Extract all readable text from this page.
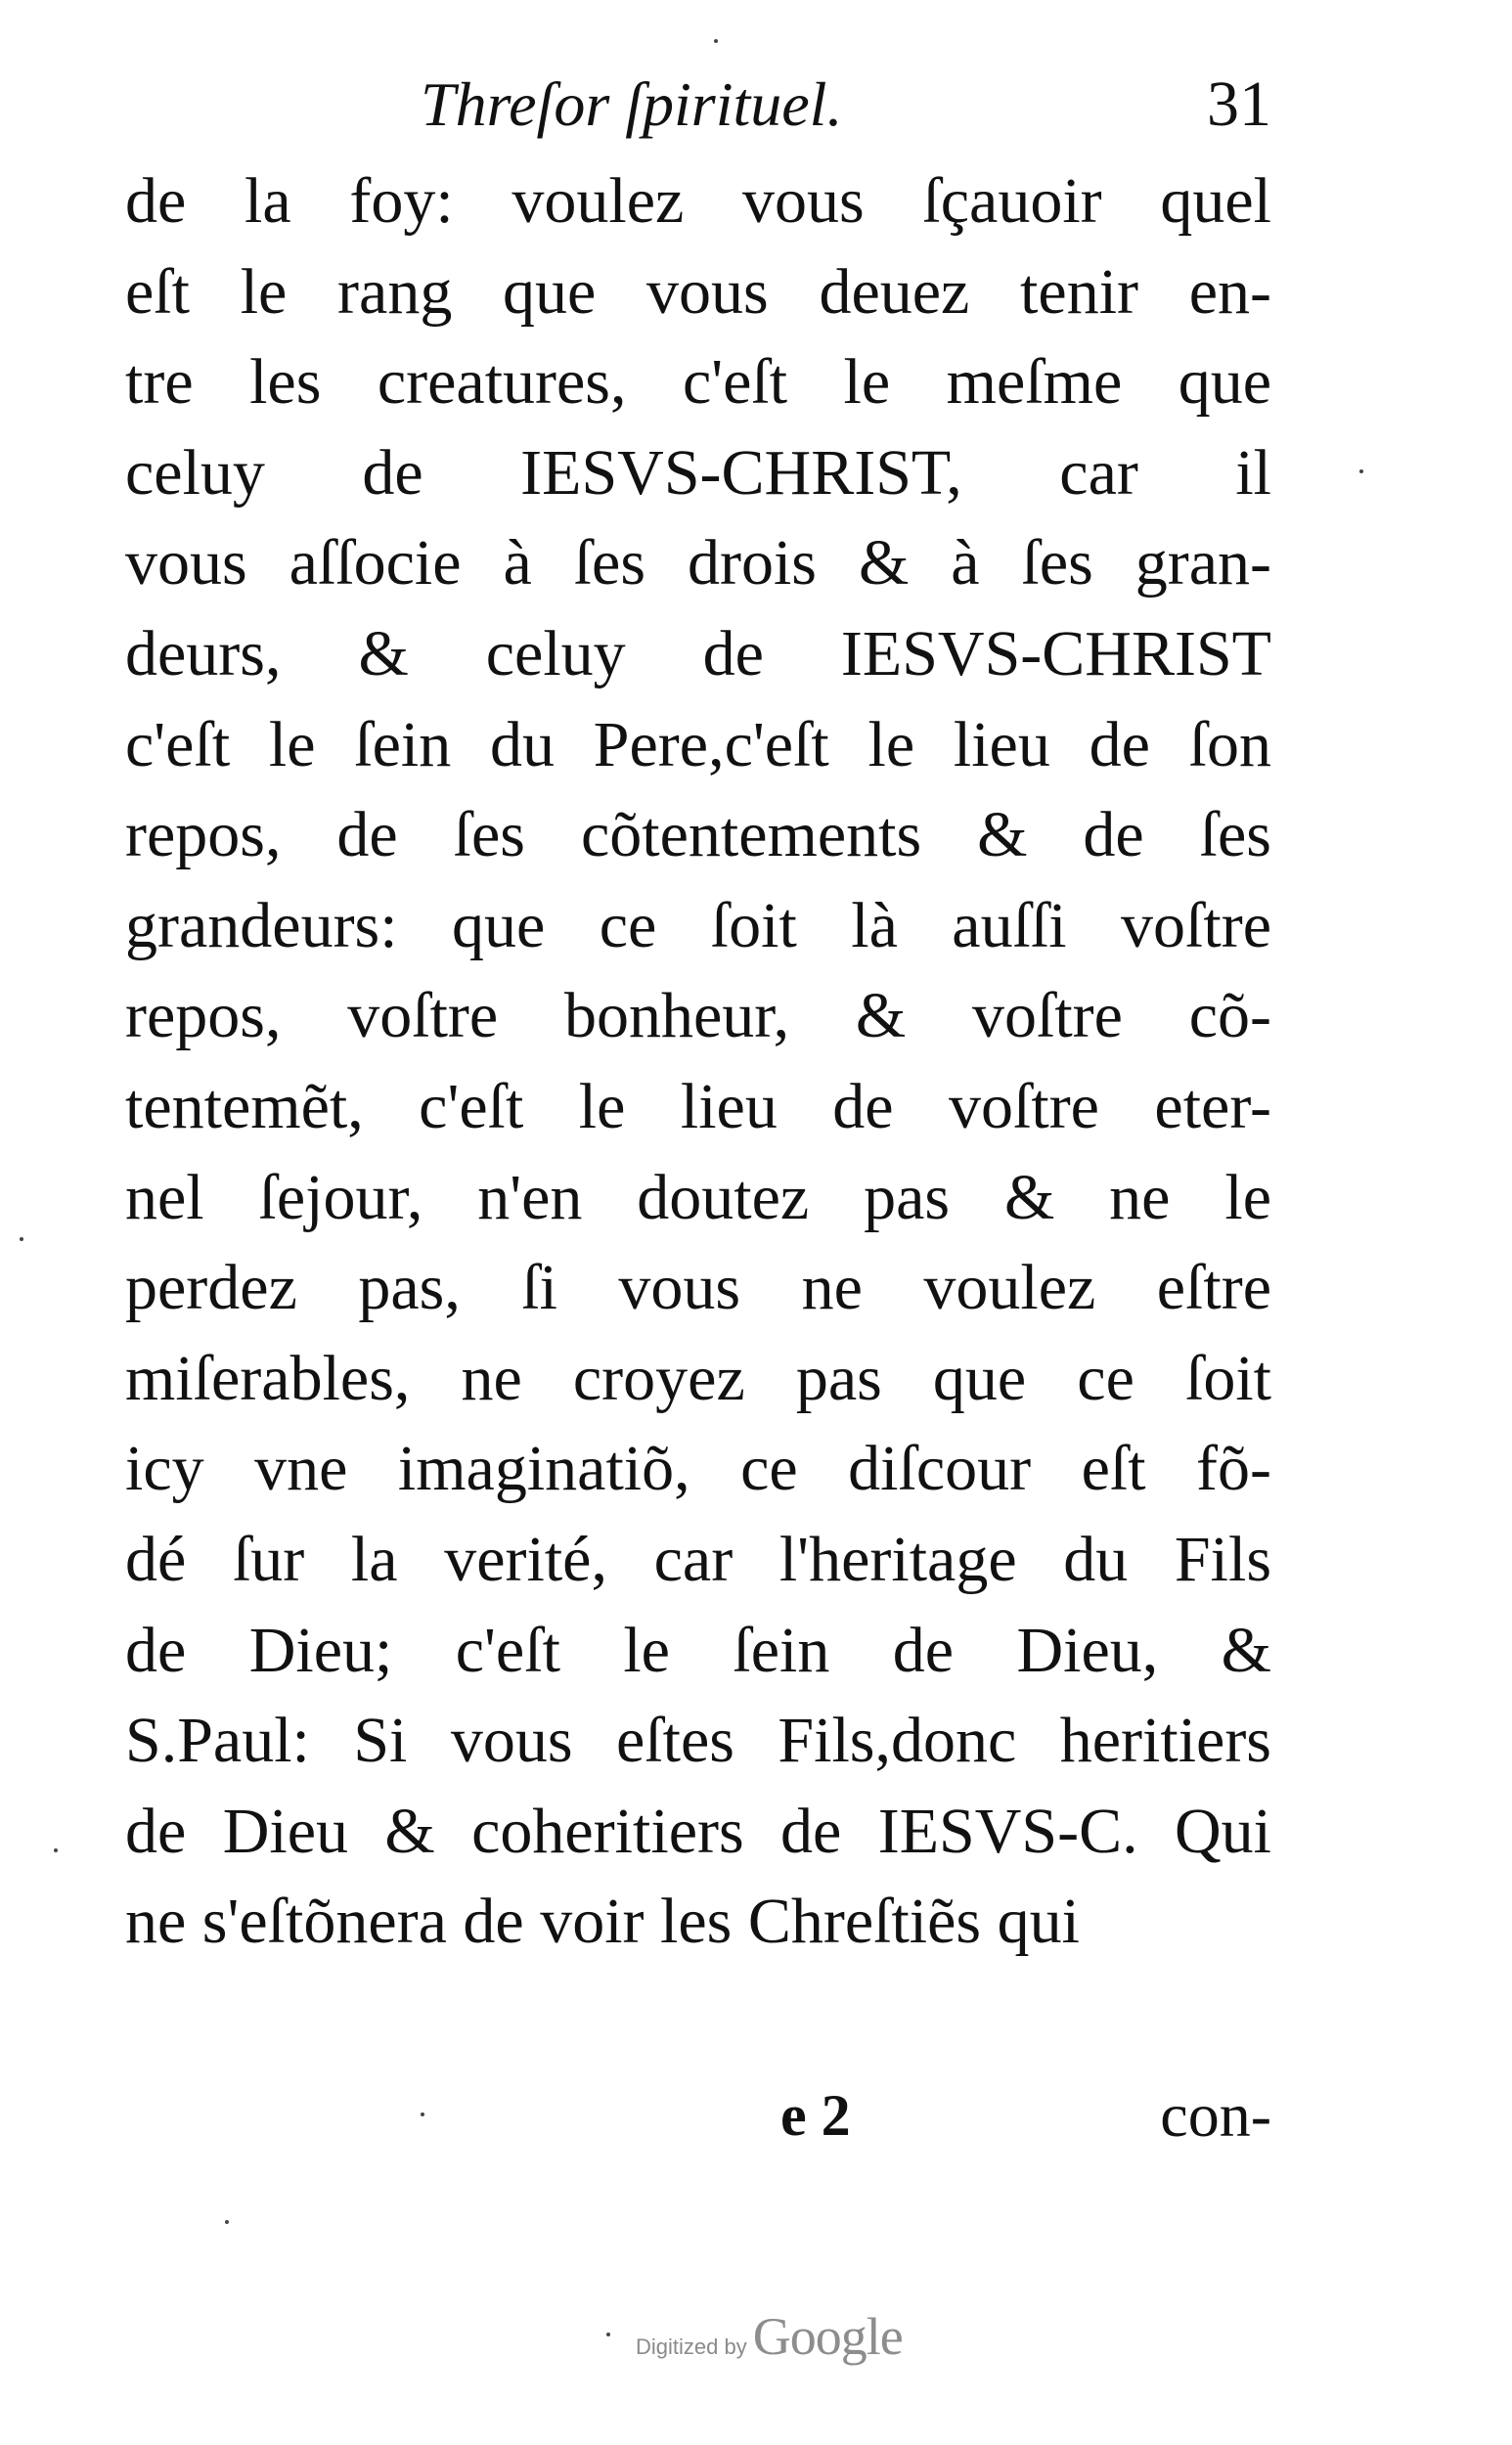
Threſor ſpirituel.	31
de la foy: voulez vous ſçauoir quel
eſt le rang que vous deuez tenir en-
tre les creatures, c'eſt le meſme que
celuy de IESVS-CHRIST, car il
vous aſſocie à ſes drois & à ſes gran-
deurs, & celuy de IESVS-CHRIST
c'eſt le ſein du Pere,c'eſt le lieu de ſon
repos, de ſes cõtentements & de ſes
grandeurs: que ce ſoit là auſſi voſtre
repos, voſtre bonheur, & voſtre cõ-
tentemẽt, c'eſt le lieu de voſtre eter-
nel ſejour, n'en doutez pas & ne le
perdez pas, ſi vous ne voulez eſtre
miſerables, ne croyez pas que ce ſoit
icy vne imaginatiõ, ce diſcour eſt fõ-
dé ſur la verité, car l'heritage du Fils
de Dieu; c'eſt le ſein de Dieu, &
S.Paul: Si vous eſtes Fils,donc heritiers
de Dieu & coheritiers de IESVS-C. Qui
ne s'eſtõnera de voir les Chreſtiẽs qui
e 2	con-
Digitized by Google
